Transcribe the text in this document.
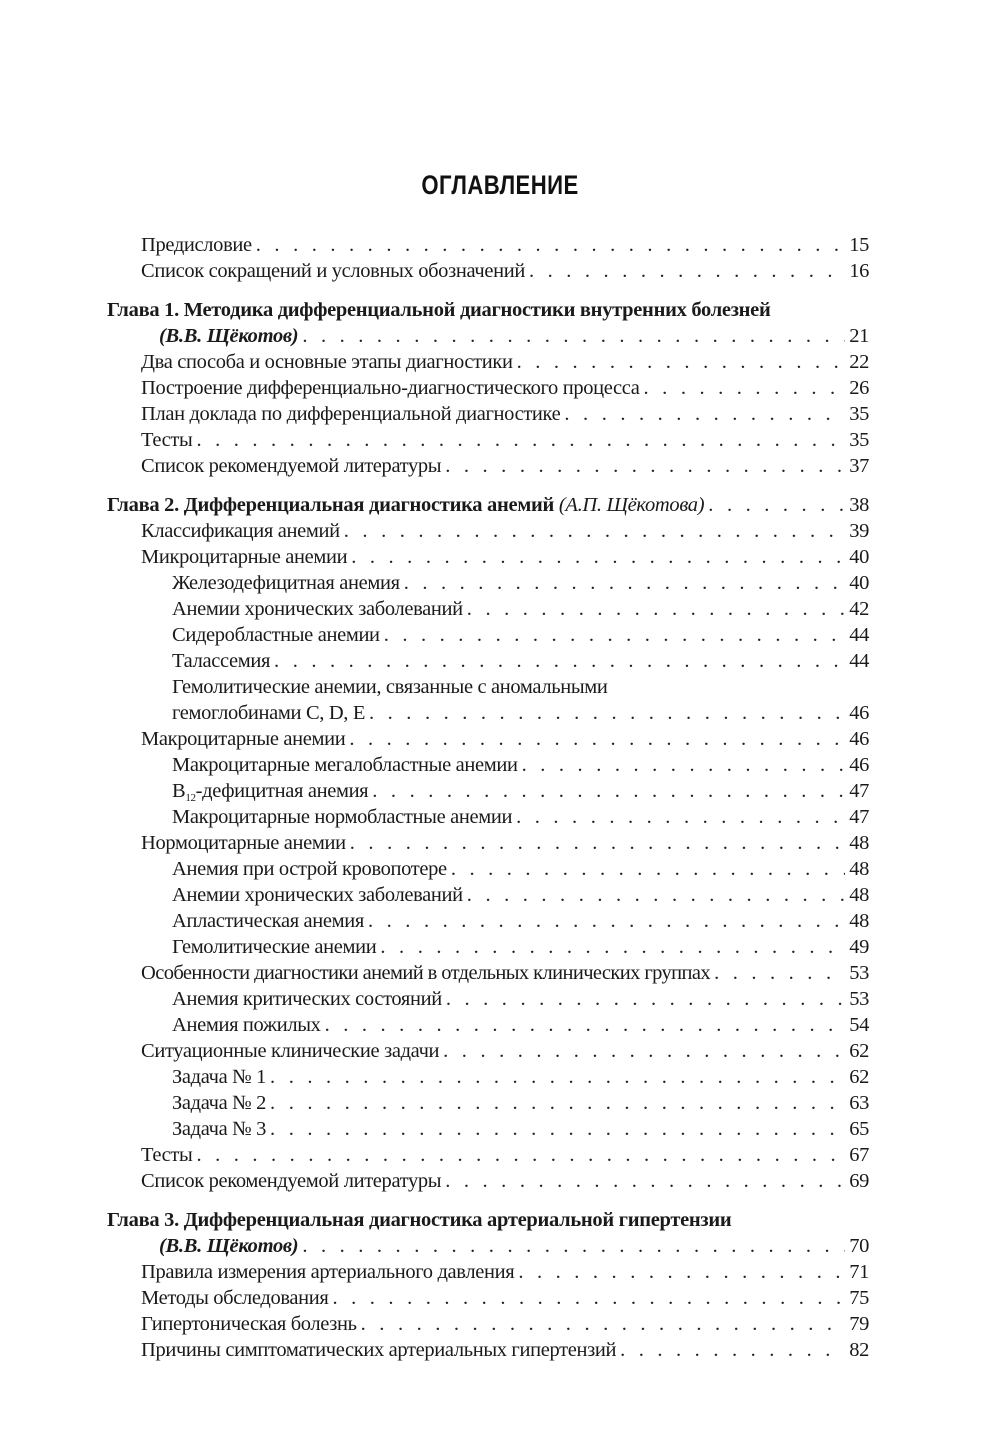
ОГЛАВЛЕНИЕ
Предисловие . . .	15
Список сокращений и условных обозначений . . .	16
Глава 1. Методика дифференциальной диагностики внутренних болезней
(В.В. Щёкотов) . . .	21
Два способа и основные этапы диагностики . . .	22
Построение дифференциально-диагностического процесса . . .	26
План доклада по дифференциальной диагностике . . .	35
Тесты . . .	35
Список рекомендуемой литературы . . .	37
Глава 2. Дифференциальная диагностика анемий (А.П. Щёкотова) . . .	38
Классификация анемий . . .	39
Микроцитарные анемии . . .	40
Железодефицитная анемия . . .	40
Анемии хронических заболеваний . . .	42
Сидеробластные анемии . . .	44
Талассемия . . .	44
Гемолитические анемии, связанные с аномальными
гемоглобинами C, D, E . . .	46
Макроцитарные анемии . . .	46
Макроцитарные мегалобластные анемии . . .	46
$B_{12}$-дефицитная анемия . . .	47
Макроцитарные нормобластные анемии . . .	47
Нормоцитарные анемии . . .	48
Анемия при острой кровопотере . . .	48
Анемии хронических заболеваний . . .	48
Апластическая анемия . . .	48
Гемолитические анемии . . .	49
Особенности диагностики анемий в отдельных клинических группах . . .	53
Анемия критических состояний . . .	53
Анемия пожилых . . .	54
Ситуационные клинические задачи . . .	62
Задача № 1 . . .	62
Задача № 2 . . .	63
Задача № 3 . . .	65
Тесты . . .	67
Список рекомендуемой литературы . . .	69
Глава 3. Дифференциальная диагностика артериальной гипертензии
(В.В. Щёкотов) . . .	70
Правила измерения артериального давления . . .	71
Методы обследования . . .	75
Гипертоническая болезнь . . .	79
Причины симптоматических артериальных гипертензий . . .	82
